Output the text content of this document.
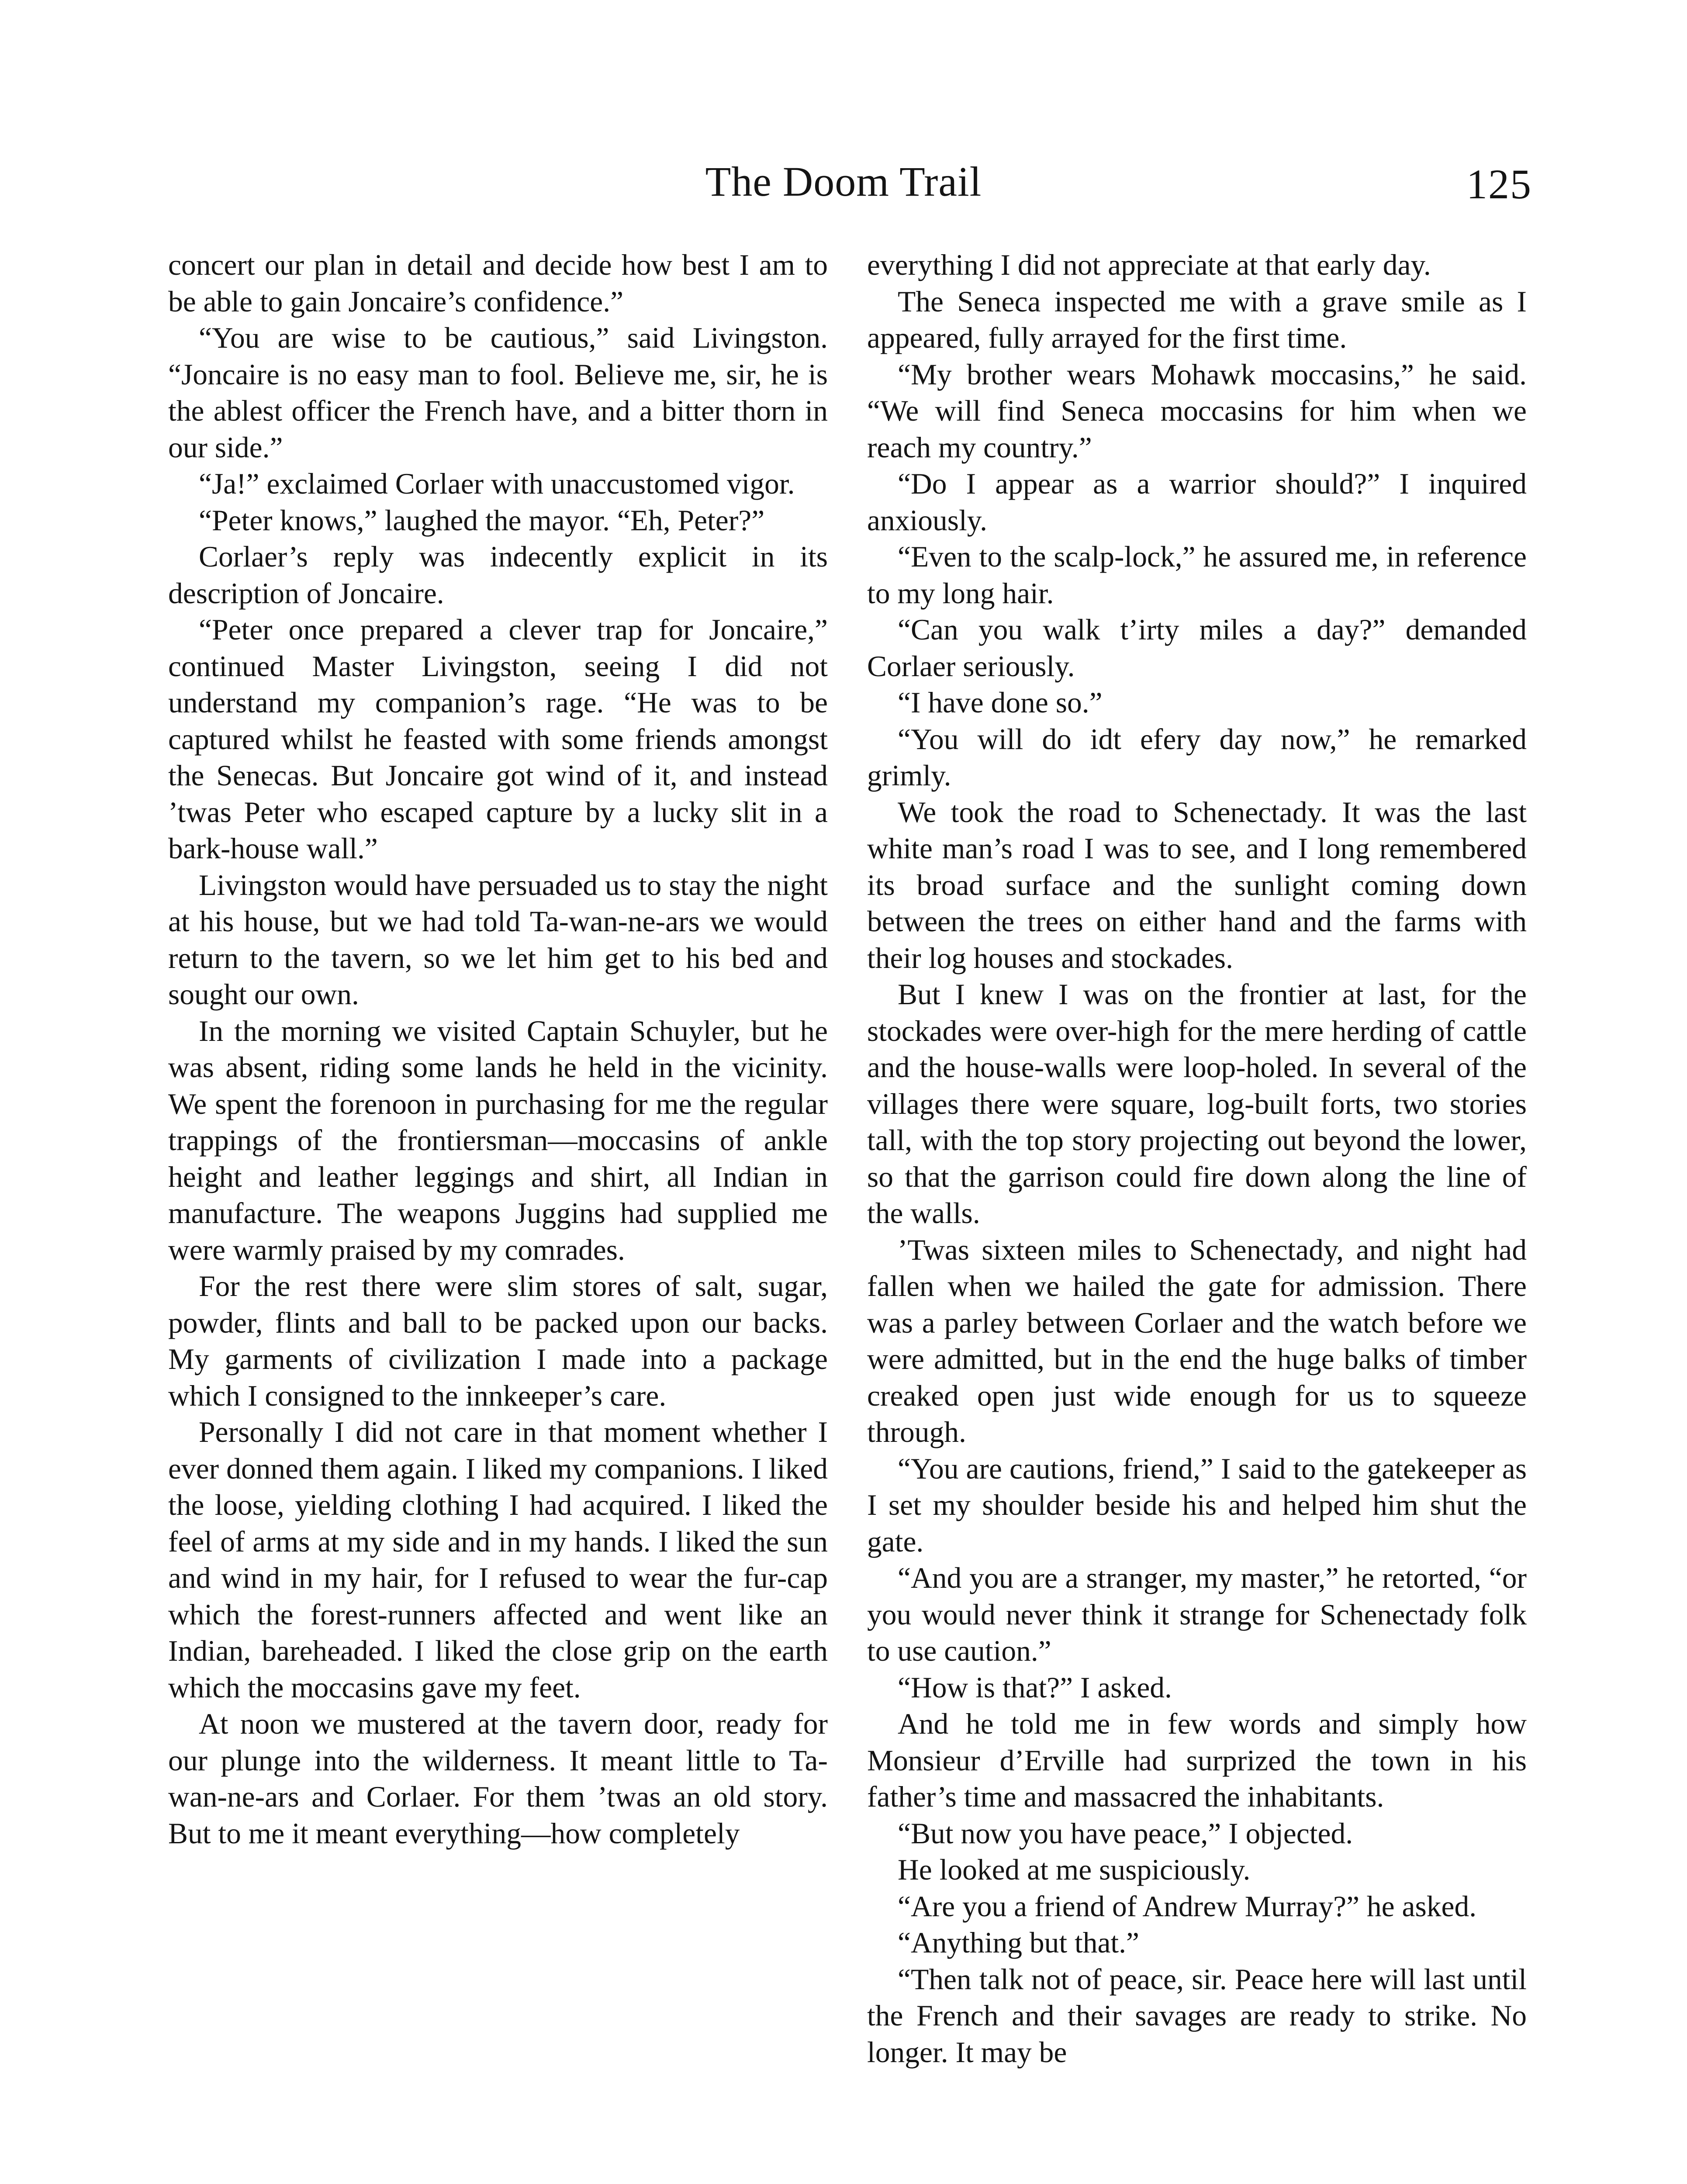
The Doom Trail	125

concert our plan in detail and decide how best I am to be able to gain Joncaire’s confidence.”

“You are wise to be cautious,” said Livingston. “Joncaire is no easy man to fool. Believe me, sir, he is the ablest officer the French have, and a bitter thorn in our side.”

“Ja!” exclaimed Corlaer with unaccustomed vigor.

“Peter knows,” laughed the mayor. “Eh, Peter?”

Corlaer’s reply was indecently explicit in its description of Joncaire.

“Peter once prepared a clever trap for Joncaire,” continued Master Livingston, seeing I did not understand my companion’s rage. “He was to be captured whilst he feasted with some friends amongst the Senecas. But Joncaire got wind of it, and instead ’twas Peter who escaped capture by a lucky slit in a bark-house wall.”

Livingston would have persuaded us to stay the night at his house, but we had told Ta-wan-ne-ars we would return to the tavern, so we let him get to his bed and sought our own.

In the morning we visited Captain Schuyler, but he was absent, riding some lands he held in the vicinity. We spent the forenoon in purchasing for me the regular trappings of the frontiersman—moccasins of ankle height and leather leggings and shirt, all Indian in manufacture. The weapons Juggins had supplied me were warmly praised by my comrades.

For the rest there were slim stores of salt, sugar, powder, flints and ball to be packed upon our backs. My garments of civilization I made into a package which I consigned to the innkeeper’s care.

Personally I did not care in that moment whether I ever donned them again. I liked my companions. I liked the loose, yielding clothing I had acquired. I liked the feel of arms at my side and in my hands. I liked the sun and wind in my hair, for I refused to wear the fur-cap which the forest-runners affected and went like an Indian, bareheaded. I liked the close grip on the earth which the moccasins gave my feet.

At noon we mustered at the tavern door, ready for our plunge into the wilderness. It meant little to Ta-wan-ne-ars and Corlaer. For them ’twas an old story. But to me it meant everything—how completely

everything I did not appreciate at that early day.

The Seneca inspected me with a grave smile as I appeared, fully arrayed for the first time.

“My brother wears Mohawk moccasins,” he said. “We will find Seneca moccasins for him when we reach my country.”

“Do I appear as a warrior should?” I inquired anxiously.

“Even to the scalp-lock,” he assured me, in reference to my long hair.

“Can you walk t’irty miles a day?” demanded Corlaer seriously.

“I have done so.”

“You will do idt efery day now,” he remarked grimly.

We took the road to Schenectady. It was the last white man’s road I was to see, and I long remembered its broad surface and the sunlight coming down between the trees on either hand and the farms with their log houses and stockades.

But I knew I was on the frontier at last, for the stockades were over-high for the mere herding of cattle and the house-walls were loop-holed. In several of the villages there were square, log-built forts, two stories tall, with the top story projecting out beyond the lower, so that the garrison could fire down along the line of the walls.

’Twas sixteen miles to Schenectady, and night had fallen when we hailed the gate for admission. There was a parley between Corlaer and the watch before we were admitted, but in the end the huge balks of timber creaked open just wide enough for us to squeeze through.

“You are cautions, friend,” I said to the gatekeeper as I set my shoulder beside his and helped him shut the gate.

“And you are a stranger, my master,” he retorted, “or you would never think it strange for Schenectady folk to use caution.”

“How is that?” I asked.

And he told me in few words and simply how Monsieur d’Erville had surprized the town in his father’s time and massacred the inhabitants.

“But now you have peace,” I objected.

He looked at me suspiciously.

“Are you a friend of Andrew Murray?” he asked.

“Anything but that.”

“Then talk not of peace, sir. Peace here will last until the French and their savages are ready to strike. No longer. It may be
